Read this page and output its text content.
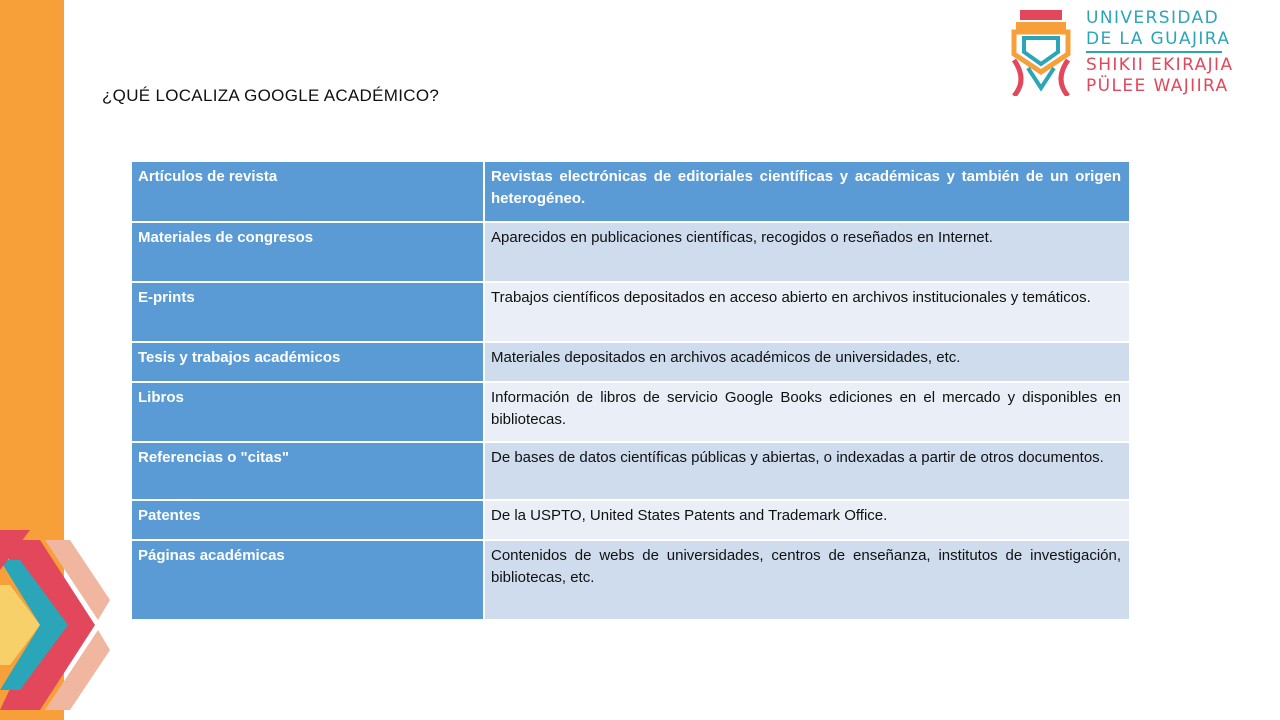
¿QUÉ LOCALIZA GOOGLE ACADÉMICO?
UNIVERSIDAD
DE LA GUAJIRA
SHIKII EKIRAJIA
PÜLEE WAJIIRA
Artículos de revista	Revistas electrónicas de editoriales científicas y académicas y también de un origen heterogéneo.
Materiales de congresos	Aparecidos en publicaciones científicas, recogidos o reseñados en Internet.
E-prints	Trabajos científicos depositados en acceso abierto en archivos institucionales y temáticos.
Tesis y trabajos académicos	Materiales depositados en archivos académicos de universidades, etc.
Libros	Información de libros de servicio Google Books ediciones en el mercado y disponibles en bibliotecas.
Referencias o "citas"	De bases de datos científicas públicas y abiertas, o indexadas a partir de otros documentos.
Patentes	De la USPTO, United States Patents and Trademark Office.
Páginas académicas	Contenidos de webs de universidades, centros de enseñanza, institutos de investigación, bibliotecas, etc.
